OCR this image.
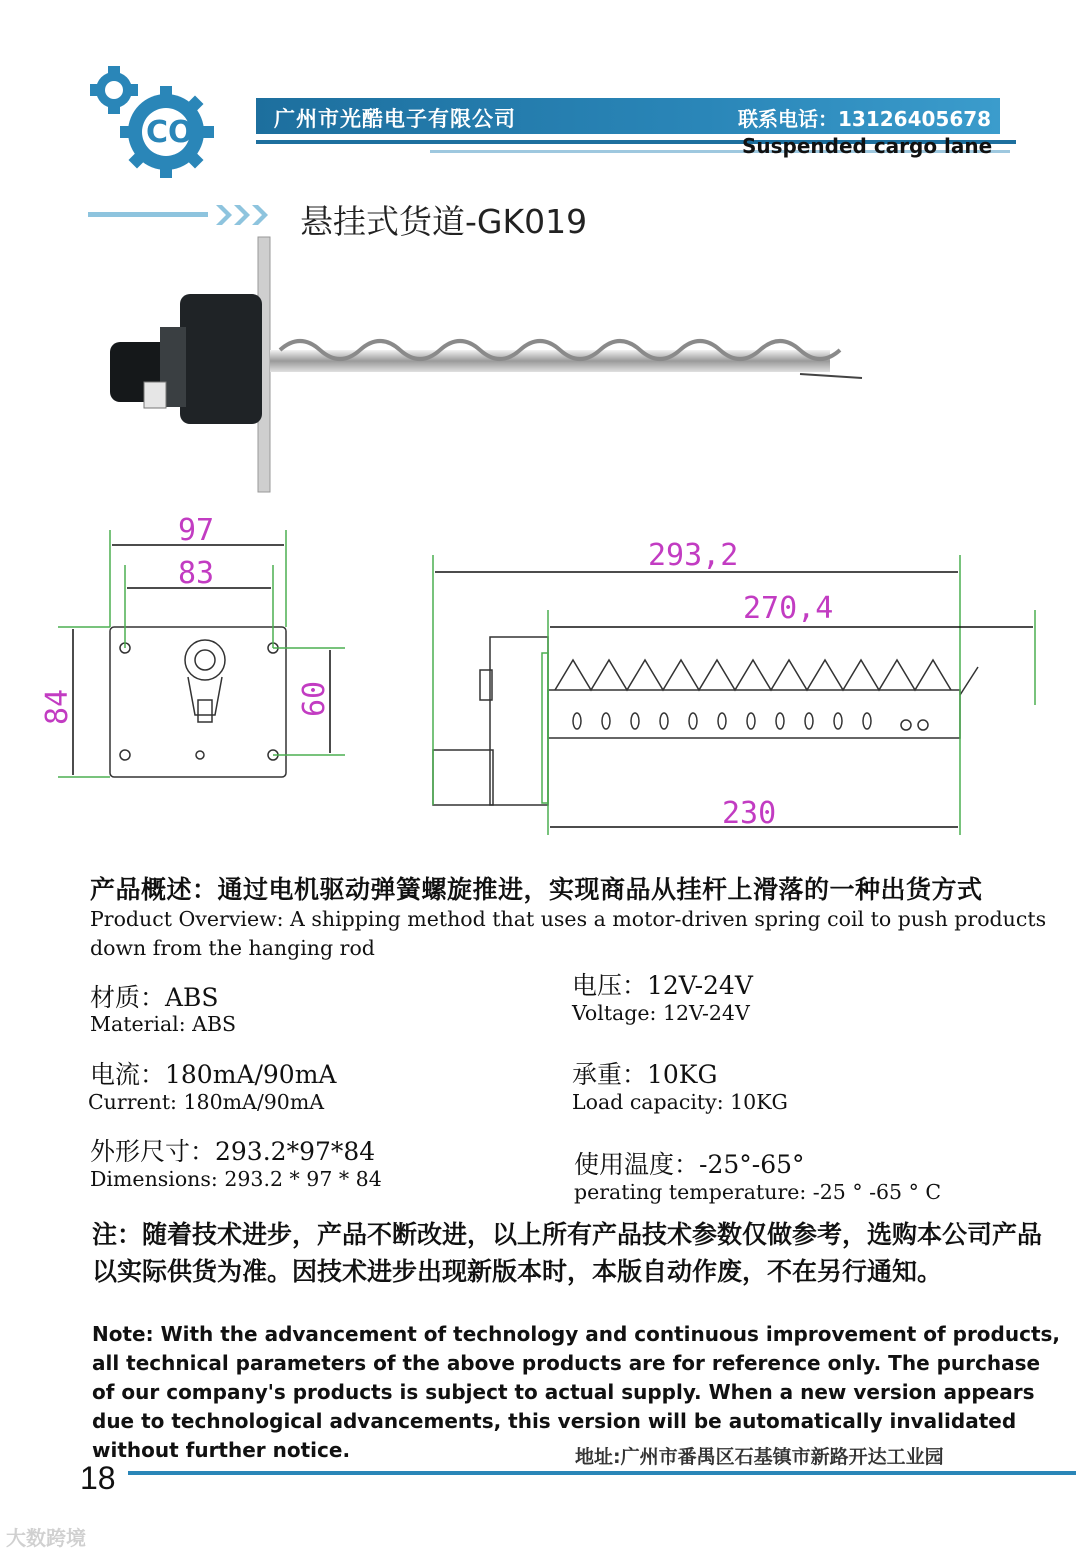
CO	广州市光酷电子有限公司	联系电话：13126405678
Suspended cargo lane
悬挂式货道-GK019
97
83
84	60
293,2
270,4
230
产品概述：通过电机驱动弹簧螺旋推进，实现商品从挂杆上滑落的一种出货方式
Product Overview: A shipping method that uses a motor-driven spring coil to push products down from the hanging rod
材质：ABS
Material: ABS
电压：12V-24V
Voltage: 12V-24V
电流：180mA/90mA
Current: 180mA/90mA
承重：10KG
Load capacity: 10KG
外形尺寸：293.2*97*84
Dimensions: 293.2 * 97 * 84	使用温度：-25°-65°
perating temperature: -25 ° -65 ° C
注：随着技术进步，产品不断改进，以上所有产品技术参数仅做参考，选购本公司产品以实际供货为准。因技术进步出现新版本时，本版自动作废，不在另行通知。
Note: With the advancement of technology and continuous improvement of products, all technical parameters of the above products are for reference only. The purchase of our company's products is subject to actual supply. When a new version appears due to technological advancements, this version will be automatically invalidated without further notice.	地址:广州市番禺区石基镇市新路开达工业园
18
大数跨境
